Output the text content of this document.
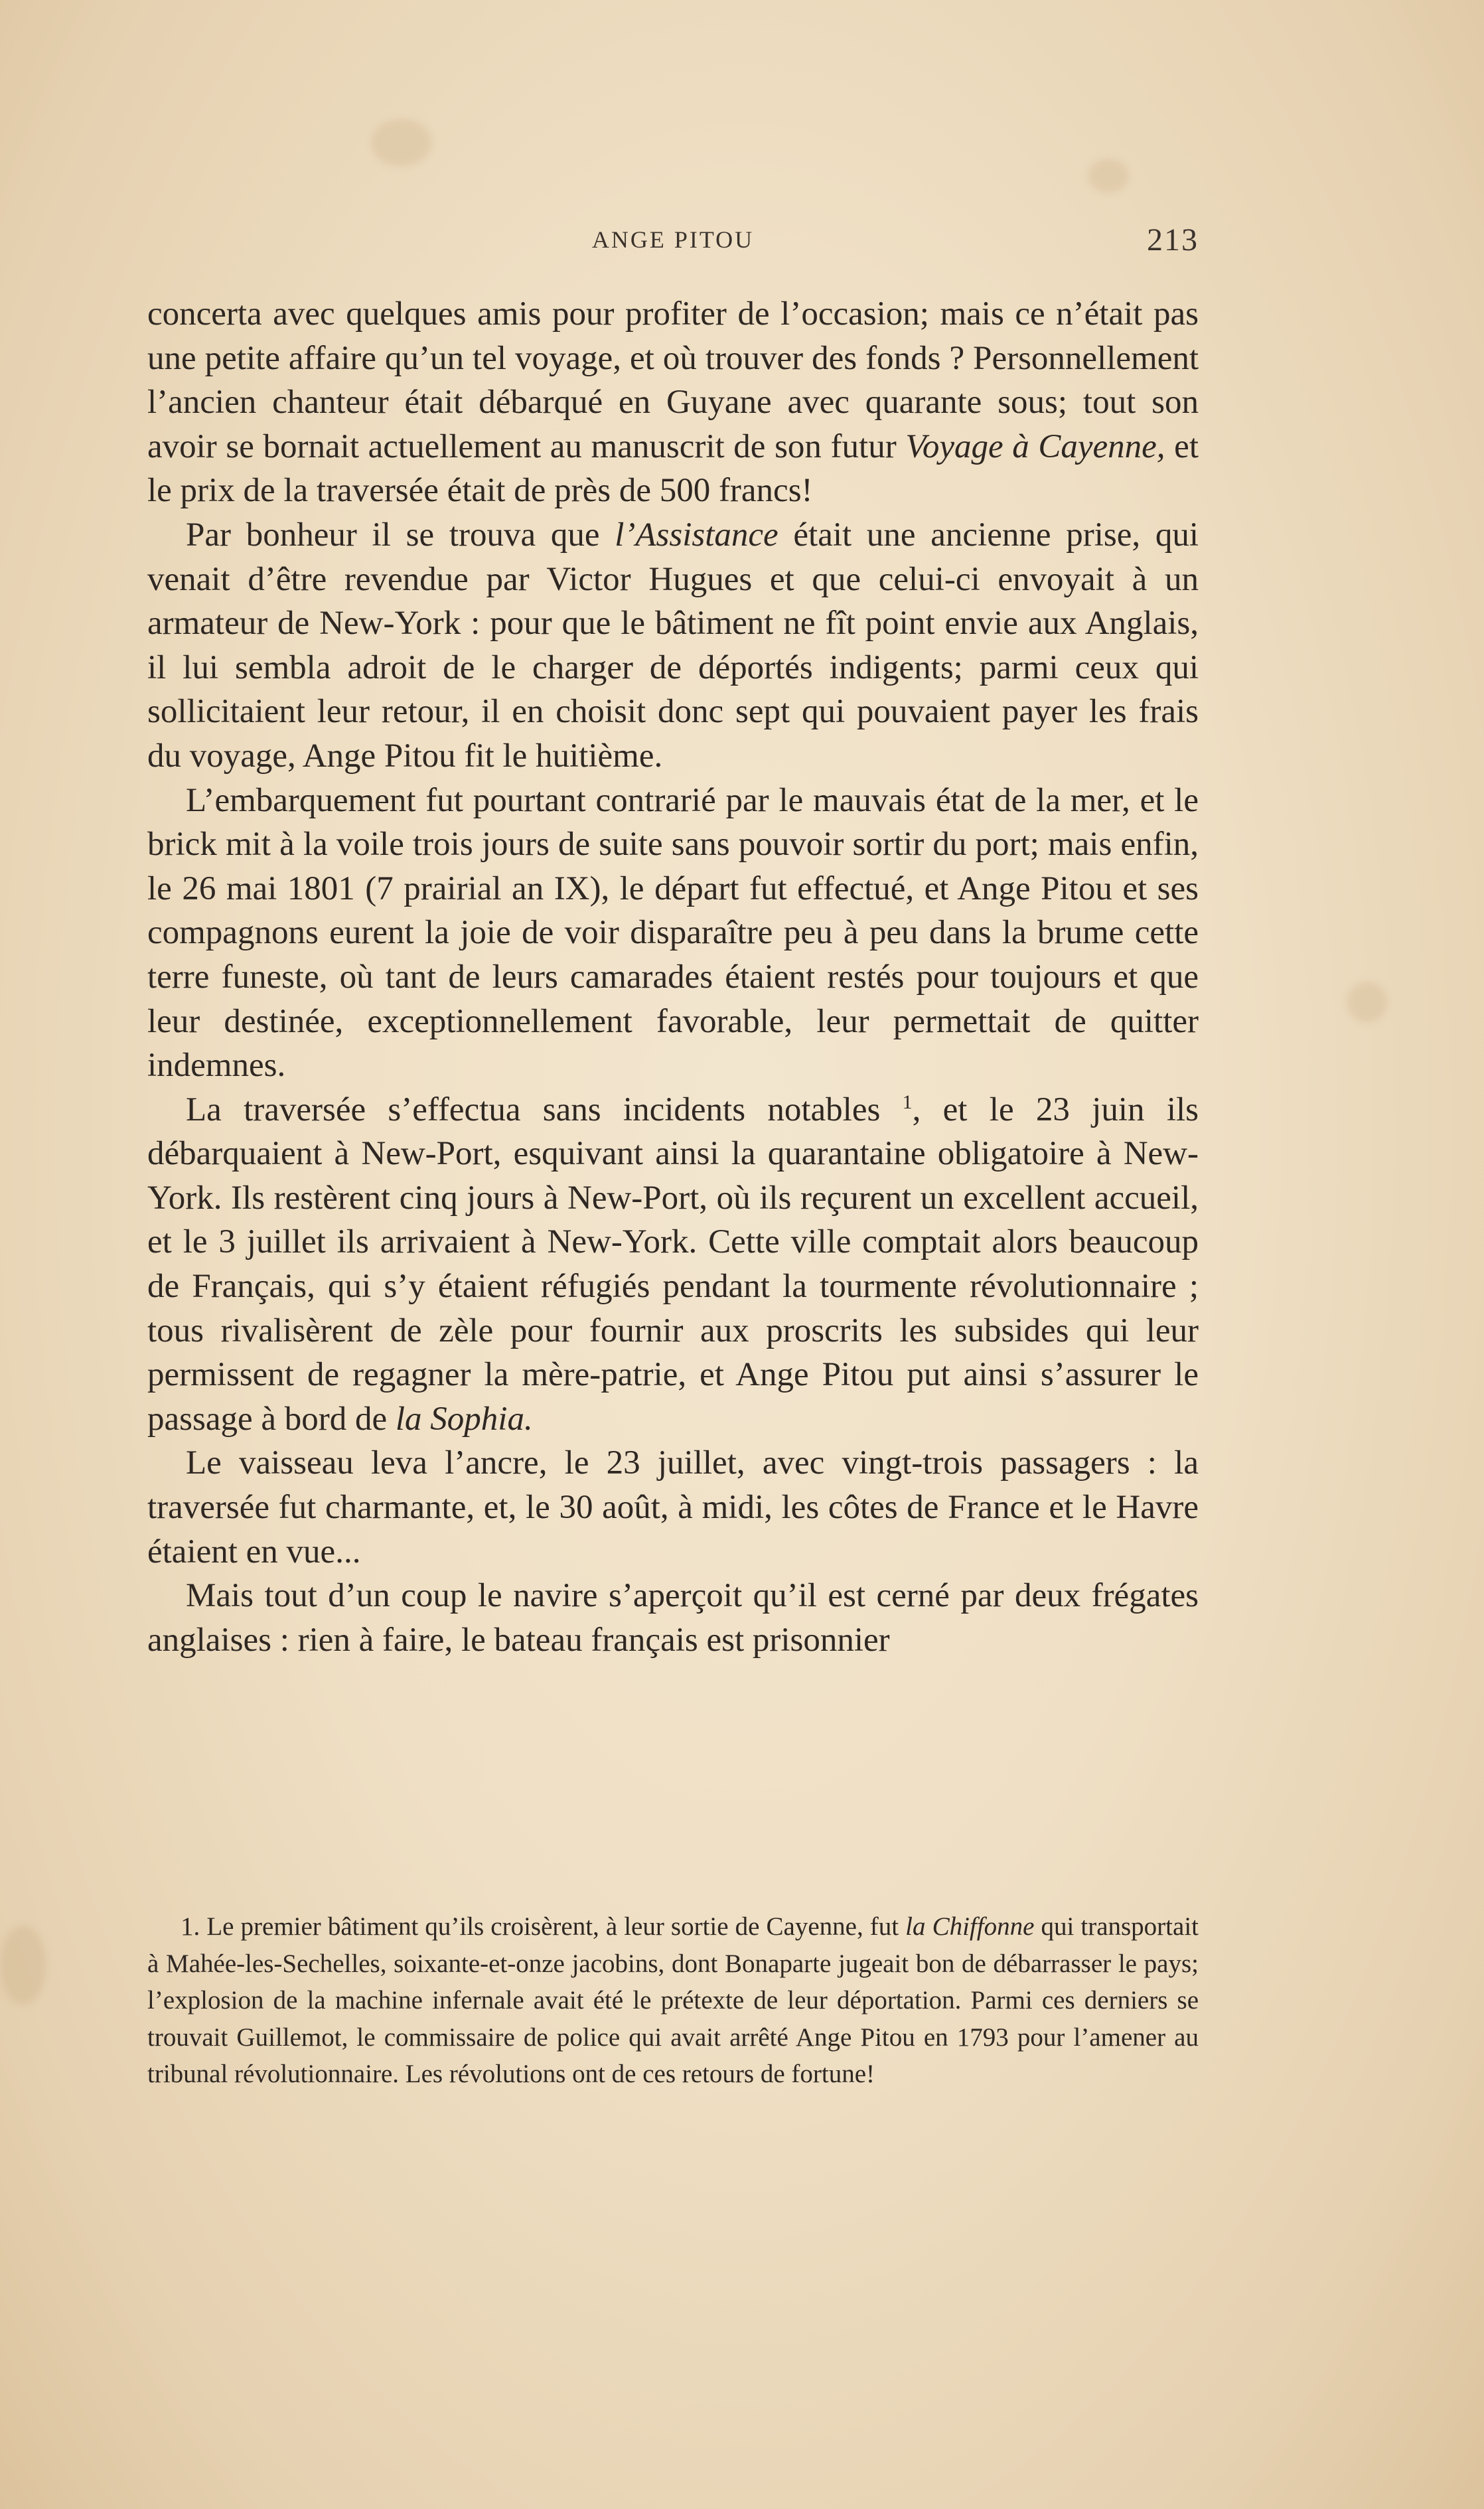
ANGE PITOU	213

concerta avec quelques amis pour profiter de l’occasion; mais ce n’était pas une petite affaire qu’un tel voyage, et où trouver des fonds ? Personnellement l’ancien chanteur était débarqué en Guyane avec quarante sous; tout son avoir se bornait actuellement au manuscrit de son futur Voyage à Cayenne, et le prix de la traversée était de près de 500 francs!

Par bonheur il se trouva que l’Assistance était une ancienne prise, qui venait d’être revendue par Victor Hugues et que celui-ci envoyait à un armateur de New-York : pour que le bâtiment ne fît point envie aux Anglais, il lui sembla adroit de le charger de déportés indigents; parmi ceux qui sollicitaient leur retour, il en choisit donc sept qui pouvaient payer les frais du voyage, Ange Pitou fit le huitième.

L’embarquement fut pourtant contrarié par le mauvais état de la mer, et le brick mit à la voile trois jours de suite sans pouvoir sortir du port; mais enfin, le 26 mai 1801 (7 prairial an IX), le départ fut effectué, et Ange Pitou et ses compagnons eurent la joie de voir disparaître peu à peu dans la brume cette terre funeste, où tant de leurs camarades étaient restés pour toujours et que leur destinée, exceptionnellement favorable, leur permettait de quitter indemnes.

La traversée s’effectua sans incidents notables $^1$, et le 23 juin ils débarquaient à New-Port, esquivant ainsi la quarantaine obligatoire à New-York. Ils restèrent cinq jours à New-Port, où ils reçurent un excellent accueil, et le 3 juillet ils arrivaient à New-York. Cette ville comptait alors beaucoup de Français, qui s’y étaient réfugiés pendant la tourmente révolutionnaire ; tous rivalisèrent de zèle pour fournir aux proscrits les subsides qui leur permissent de regagner la mère-patrie, et Ange Pitou put ainsi s’assurer le passage à bord de la Sophia.

Le vaisseau leva l’ancre, le 23 juillet, avec vingt-trois passagers : la traversée fut charmante, et, le 30 août, à midi, les côtes de France et le Havre étaient en vue...

Mais tout d’un coup le navire s’aperçoit qu’il est cerné par deux frégates anglaises : rien à faire, le bateau français est prisonnier

1. Le premier bâtiment qu’ils croisèrent, à leur sortie de Cayenne, fut la Chiffonne qui transportait à Mahée-les-Sechelles, soixante-et-onze jacobins, dont Bonaparte jugeait bon de débarrasser le pays; l’explosion de la machine infernale avait été le prétexte de leur déportation. Parmi ces derniers se trouvait Guillemot, le commissaire de police qui avait arrêté Ange Pitou en 1793 pour l’amener au tribunal révolutionnaire. Les révolutions ont de ces retours de fortune!
